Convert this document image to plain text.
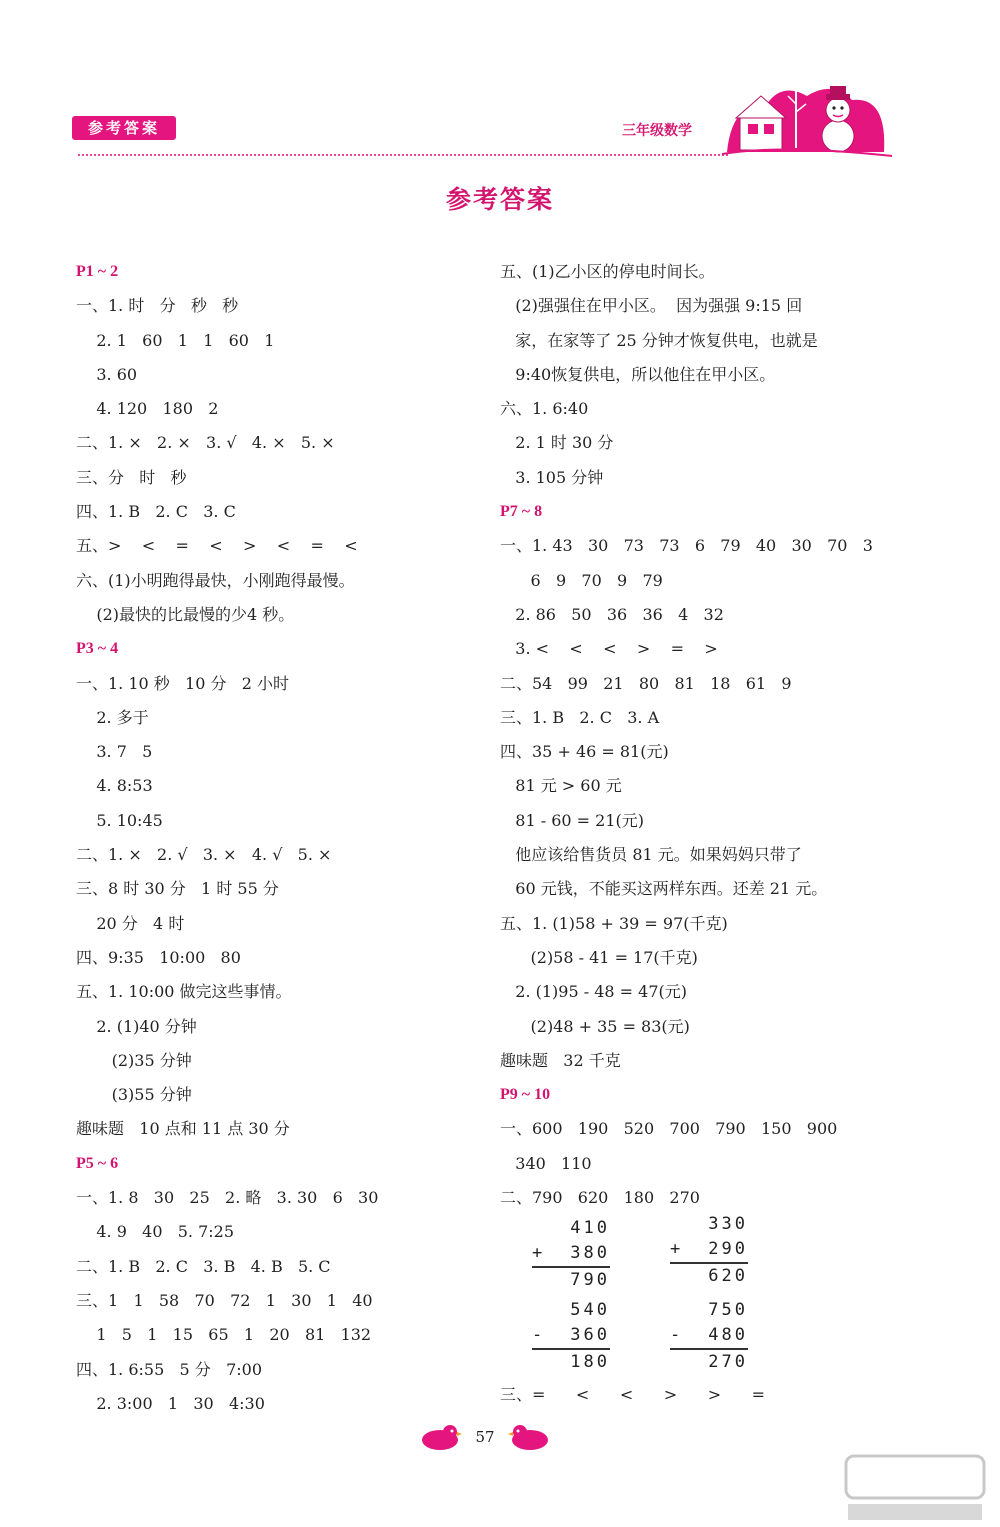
参考答案	三年级数学
参考答案
P1 ~ 2
一、1. 时   分   秒   秒
2. 1   60   1   1   60   1
3. 60
4. 120   180   2
二、1. ×   2. ×   3. √   4. ×   5. ×
三、分   时   秒
四、1. B   2. C   3. C
五、>    <    =    <    >    <    =    <
六、(1)小明跑得最快，小刚跑得最慢。
(2)最快的比最慢的少4 秒。
P3 ~ 4
一、1. 10 秒   10 分   2 小时
2. 多于
3. 7   5
4. 8:53
5. 10:45
二、1. ×   2. √   3. ×   4. √   5. ×
三、8 时 30 分   1 时 55 分
20 分   4 时
四、9:35   10:00   80
五、1. 10:00 做完这些事情。
2. (1)40 分钟
(2)35 分钟
(3)55 分钟
趣味题   10 点和 11 点 30 分
P5 ~ 6
一、1. 8   30   25   2. 略   3. 30   6   30
4. 9   40   5. 7:25
二、1. B   2. C   3. B   4. B   5. C
三、1   1   58   70   72   1   30   1   40
1   5   1   15   65   1   20   81   132
四、1. 6:55   5 分   7:00
2. 3:00   1   30   4:30
五、(1)乙小区的停电时间长。
(2)强强住在甲小区。  因为强强 9:15 回
家，在家等了 25 分钟才恢复供电，也就是
9:40恢复供电，所以他住在甲小区。
六、1. 6:40
2. 1 时 30 分
3. 105 分钟
P7 ~ 8
一、1. 43   30   73   73   6   79   40   30   70   3
6   9   70   9   79
2. 86   50   36   36   4   32
3. <    <    <    >    =    >
二、54   99   21   80   81   18   61   9
三、1. B   2. C   3. A
四、35 + 46 = 81(元)
81 元 > 60 元
81 - 60 = 21(元)
他应该给售货员 81 元。如果妈妈只带了
60 元钱，不能买这两样东西。还差 21 元。
五、1. (1)58 + 39 = 97(千克)
(2)58 - 41 = 17(千克)
2. (1)95 - 48 = 47(元)
(2)48 + 35 = 83(元)
趣味题   32 千克
P9 ~ 10
一、600   190   520   700   790   150   900
340   110
二、790   620   180   270
410
+ 380
790
330
+ 290
620
540
- 360
180
750
- 480
270
三、=      <      <      >      >      =
57
